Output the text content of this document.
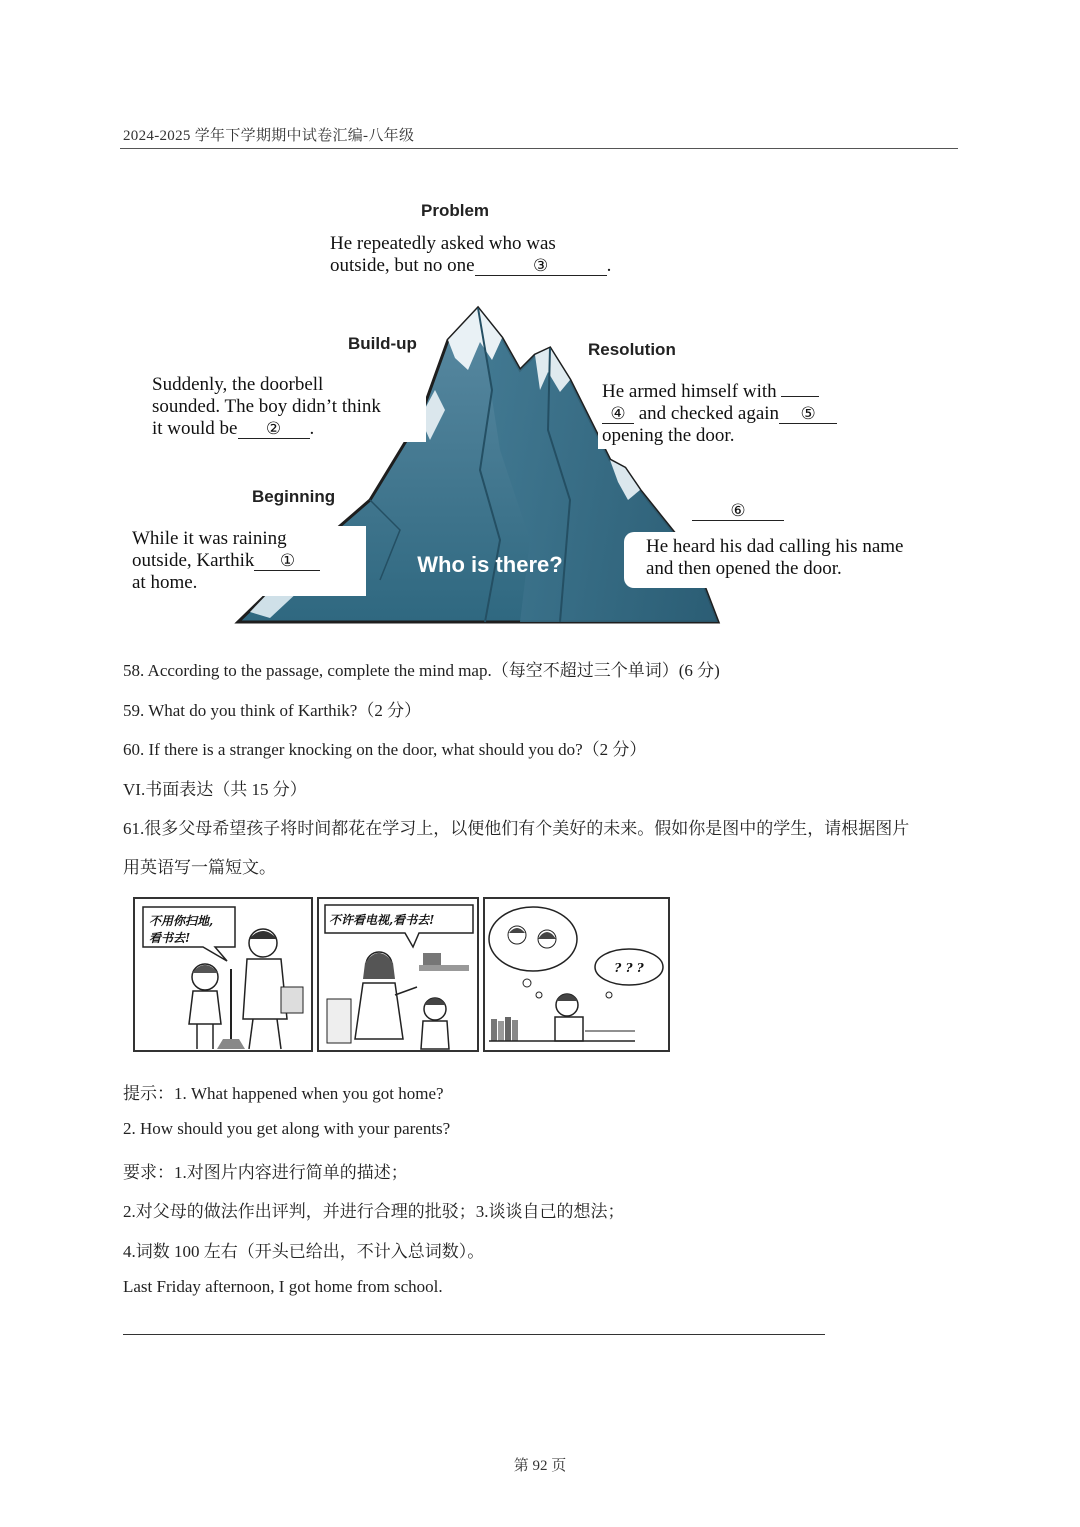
2024-2025 学年下学期期中试卷汇编-八年级
Who is there?
Problem
He repeatedly asked who was
outside, but no one	③	.
Build-up
Suddenly, the doorbell
sounded. The boy didn’t think
it would be ② .
Resolution
He armed himself with
④ and checked again ⑤
opening the door.
Beginning
While it was raining
outside, Karthik ①
at home.
⑥
He heard his dad calling his name
and then opened the door.
58. According to the passage, complete the mind map.（每空不超过三个单词）(6 分)
59. What do you think of Karthik?（2 分）
60. If there is a stranger knocking on the door, what should you do?（2 分）
VI.书面表达（共 15 分）
61.很多父母希望孩子将时间都花在学习上，以便他们有个美好的未来。假如你是图中的学生，请根据图片
用英语写一篇短文。
不用你扫地,
看书去!
不许看电视,看书去!
? ? ?
提示：1. What happened when you got home?
2. How should you get along with your parents?
要求：1.对图片内容进行简单的描述；
2.对父母的做法作出评判，并进行合理的批驳；3.谈谈自己的想法；
4.词数 100 左右（开头已给出，不计入总词数）。
Last Friday afternoon, I got home from school.
第 92 页
